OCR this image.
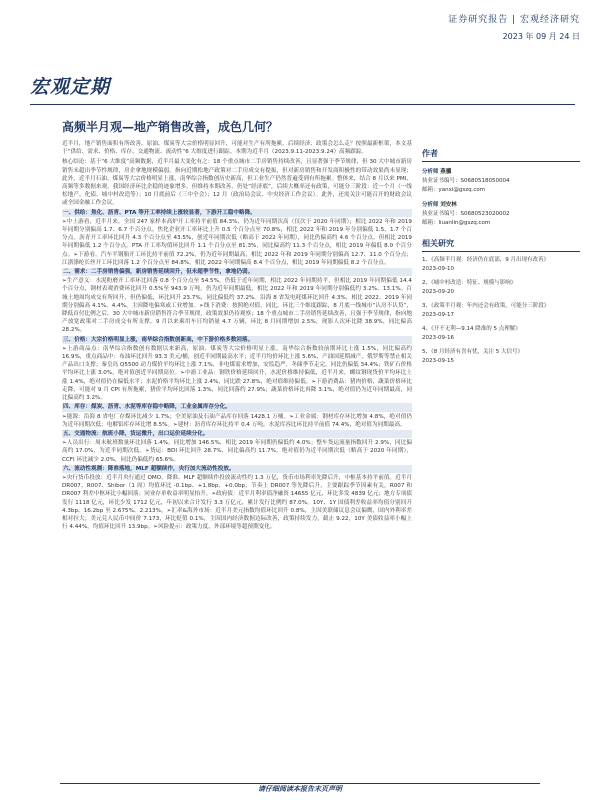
证券研究报告 | 宏观经济研究
2023 年 09 月 24 日
宏观定期
高频半月观—地产销售改善，成色几何？

近半月，地产销售面积有所改善，原油、煤炭等大宗价格明显回升，可能对生产有所拖累，后续经济、政策会怎么走？按照最新框架，本文基于“供给、需求、价格、库存、交通物流、流动性”6 大维度进行跟踪。本期为近半月（2023.9.11-2023.9.24）高频跟踪。

核心结论：基于“6 大维度”高频数据，近半月最大变化有之：18 个重点城市二手房销售持续改善，且显著强于季节规律，但 30 大中城市新房销售未超出季节性规律，房企拿地规模偏弱。指向近期松地产政策对二手房成交有提振，但对新房销售和开发商积极性的带动效果尚未显现；此外，近半月石油、煤炭等大宗价格明显上涨，南华综合指数创历史新高，但工业生产仍然普遍受到有所拖累。整体来，结合 8 月以来 PMI、高频等多数据来观，我国经济环比企稳的迹象增多，但维持本期改善，仍处“经济底”，后续大概率还有政策，可能分三阶段：近一个月（一线松地产、化债、城中村改造等）；10 月底前后（三中全会）；12 月（政治局会议、中央经济工作会议）。此外，还需关注可能召开的财政会议或全国金融工作会议。

一、供给：焦化、沥青、PTA 等开工率持续上涨较显著，下游开工稳中略降。

➢中上游看，近半月来，全国 247 家样本高炉开工率持平前值 84.3%，仍为近年同期次高（仅次于 2020 年同期）；相比 2022 年和 2019 年同期分别偏高 1.7、6.7 个百分点。焦化企业开工率环比上升 0.5 个百分点至 70.8%，相比 2022 年和 2019 年分别偏低 1.5、1.7 个百分点。沥青开工率环比回升 4.3 个百分点至 43.5%，创近年同期次低（略高于 2022 年同期），同比仍偏高约 4.6 个百分点。但相比 2019 年同期偏低 1.2 个百分点。PTA 开工率均值环比回升 1.1 个百分点至 81.3%，同比偏高约 11.3 个百分点，相比 2019 年偏低 8.0 个百分点。➢下游看，汽车半钢胎开工环比持平前值 72.2%，仍为近年同期最高，相比 2022 年和 2019 年同期分别偏高 12.7、11.0 个百分点；江浙涤纶长丝开工环比回落 1.2 个百分点至 84.8%，相比 2022 年同期偏高 8.4 个百分点，相比 2019 年同期偏低 8.2 个百分点。

二、需求：二手房销售偏强，新房销售延续回升，但未超季节性，拿地仍弱。

➢生产意义：水泥粉磨开工率环比回落 0.8 个百分点至 54.5%，仍低于近年同期，相比 2022 年同期持平，但相比 2019 年同期偏低 14.4 个百分点，钢材表观消费环比回升 0.5%至 943.9 万吨，仍为近年同期最低，相比 2022 年和 2019 年同期分别偏低约 3.2%、13.1%。百城土地周均成交有所回升，但仍偏低，环比回升 23.7%，同比偏低约 37.2%。沿海 8 省发电耗煤环比回升 4.3%，相比 2022、2019 年同期分别偏高 4.1%、4.4%，主因降电偏寒或工业增加。➢线下消费：按照绝对值，同比，环比三个维度跟踪，8 月底一线城市“认房不认贷”，降低首付比例之后，30 大中城市新房销售符合季节规律，政策效果仍待观察；18 个重点城市二手房销售延续改善，且强于季节规律，指向地产放宽政策对二手房成交有所支撑。9 月以来乘用车日均销量 4.7 万辆，环比 8 月同期增加 2.5%，现影人次环比降 38.9%，同比偏高 28.2%。

三、价格：大宗价格明显上涨，南华综合指数创新高，中下游价格多数回落。

➢上游商品点：南华综合指数创有数据以来新高，原油、煤炭等大宗价格明显上涨。南华综合指数较前期环比上涨 1.5%，同比偏高约 16.9%，重点商品中：布油环比回升 93.3 美元/桶，创近半同期最高水平；近半月均价环比上涨 5.6%，产油国延期减产，俄罗斯等禁止相关产品出口支撑；秦皇岛 Q5500 动力煤价平均环比上涨 7.1%，非电煤需求增加，安监趋严，冬储季节走完，同比仍偏低 34.4%；铁矿石价格平均环比上涨 3.0%，绝对值创近半同期高位。➢中游工业品：钢铁价格延续回升，水泥价格维持偏低，近半月来，螺纹钢现货价平均环比上涨 1.4%，绝对值仍在偏低水平；水泥价格平均环比上涨 2.4%，同比跌 27.8%，绝对值维持偏低。➢下游消费品：猪肉价格、蔬菜价格环比走降，可能对 9 月 CPI 有所拖累，猪价平均环比回落 1.3%，同比回落约 27.9%；蔬菜价格环比再降 3.1%，绝对值仍为近年同期最高，同比偏高约 3.2%。

四、库存：煤炭、沥青、水泥等库存稳中略降，工业金属库存分化。

➢能源：沿海 8 省电厂存煤环比减少 1.7%；全美原油及石油产品库存回落 1428.1 万桶。➢工业金属：钢材库存环比增加 4.8%，绝对值仍为近年同期次低；电解铝库存环比增 8.5%。➢建材：沥青库存环比持平 0.4 万吨，水泥库容比环比持平前值 74.4%，绝对值为同期最高。

五、交通物流：航班小降，货运微升，出口运价延续分化。

➢人员出行：周末航班数量环比回落 1.4%，同比增加 146.5%，相比 2019 年同期仍偏低约 4.0%；整车货运流量指数回升 2.9%，同比偏高约 17.0%，为近半同期次低。➢货运：BDI 环比回升 28.7%，同比偏高约 11.7%，绝对值仍为近半同期次低（略高于 2020 年同期），CCFI 环比减少 2.0%，同比仍偏低约 65.6%。

六、流动性观测：降准落地，MLF 超额续作，央行加大流动性投放。

➢央行货币投放：近半月央行通过 OMO、降准、MLF 超额续作投放流动性约 1.3 万亿，货币市场利率先降后升，中枢基本持平前值。近半月 DR007、R007、Shibor（1 周）均值环比 -0.1bp、+1.8bp、+0.0bp，节奏上 DR007 等先降后升，主要跟踪季节因素有关，R007 和 DR007 利差中枢环比小幅回落；同业存单收益率明显抬升。➢政府债：近半月利率债净融资 14655 亿元，环比多发 4839 亿元；地方专项债发行 1118 亿元，环比少发 1712 亿元，年初以来合计发行 3.3 万亿元，累计发行比例约 87.0%。10Y、1Y 国债利差收益率均值分别回升 4.3bp、16.2bp 至 2.675%、2.213%。➢汇率&海外市场：近半月美元指数均值环比回升 0.8%，主因美联储议息会议偏鹰，国内外利率差相对拉大；美元兑人民币中间价 7.173，环比贬值 0.1%，主因国内经济数据边际改善，政策持续发力，截止 9.22，10Y 美债收益率小幅上行 4.44%，均值环比回升 13.9bp。➢风险提示：政策力度，外部环境等超预期变化。

作者
分析师 燕骥
执业证书编号：S0680518050004
邮箱：yanxi@gszq.com
分析师 刘安林
执业证书编号：S0680523020002
邮箱：liuanlin@gszq.com
相关研究
1、《高频半月观：经济仍在底部，9 月出现有改善》
2023-09-10
2、《城中村改造：特征、规模与影响》
2023-09-20
3、《政策半月观：年内还会有政策，可能分三阶段》
2023-09-17
4、《开不无利—9.14 降准的 5 点理解》
2023-09-16
5、《8 月经济有喜有忧，关注 5 大信号》
2023-09-15
请仔细阅读本报告末页声明
